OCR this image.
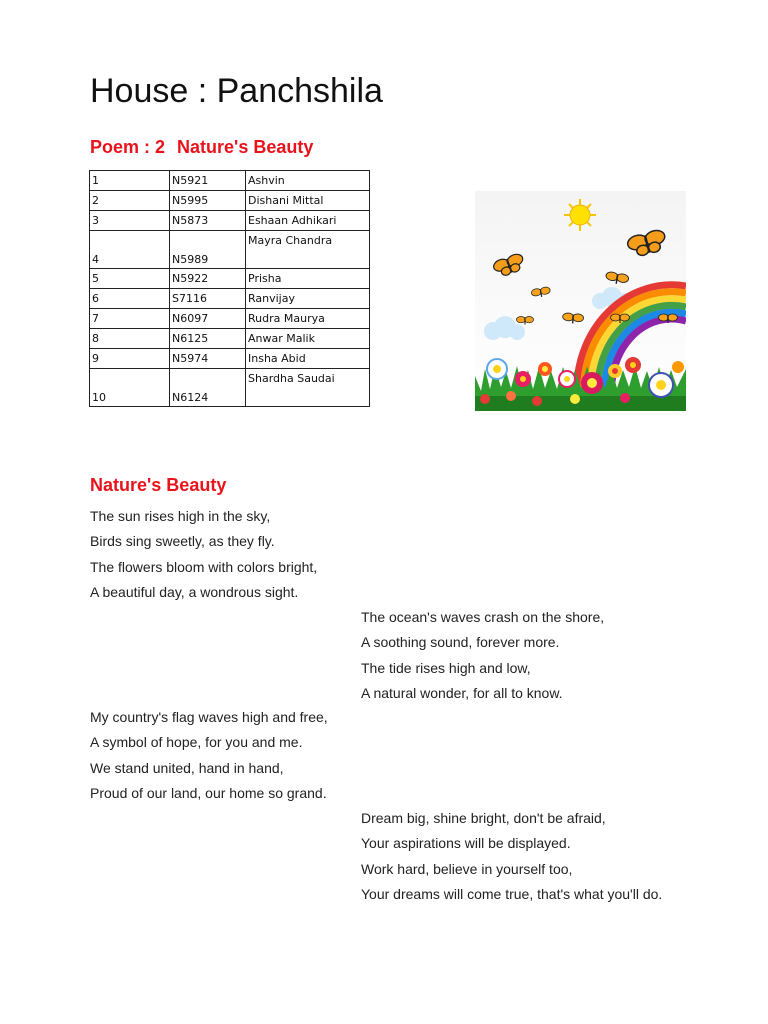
House : Panchshila
Poem : 2 Nature's Beauty
1	N5921	Ashvin
2	N5995	Dishani Mittal
3	N5873	Eshaan Adhikari
4	N5989	Mayra Chandra
5	N5922	Prisha
6	S7116	Ranvijay
7	N6097	Rudra Maurya
8	N6125	Anwar Malik
9	N5974	Insha Abid
10	N6124	Shardha Saudai
Nature's Beauty
The sun rises high in the sky,
Birds sing sweetly, as they fly.
The flowers bloom with colors bright,
A beautiful day, a wondrous sight.
The ocean's waves crash on the shore,
A soothing sound, forever more.
The tide rises high and low,
A natural wonder, for all to know.
My country's flag waves high and free,
A symbol of hope, for you and me.
We stand united, hand in hand,
Proud of our land, our home so grand.
Dream big, shine bright, don't be afraid,
Your aspirations will be displayed.
Work hard, believe in yourself too,
Your dreams will come true, that's what you'll do.
